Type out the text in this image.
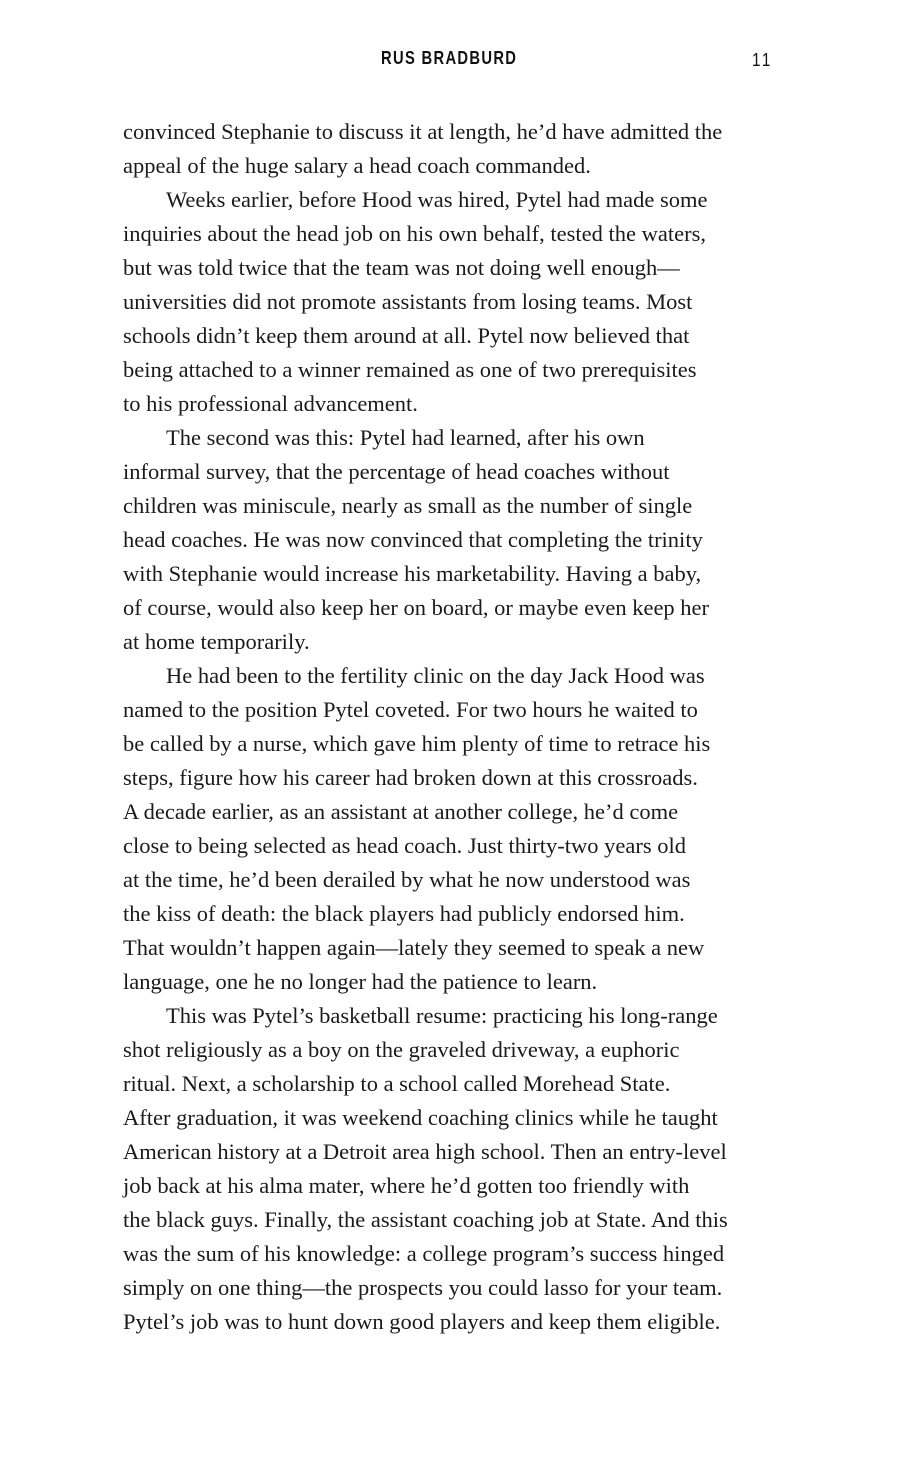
RUS BRADBURD	11
convinced Stephanie to discuss it at length, he’d have admitted the
appeal of the huge salary a head coach commanded.
Weeks earlier, before Hood was hired, Pytel had made some
inquiries about the head job on his own behalf, tested the waters,
but was told twice that the team was not doing well enough—
universities did not promote assistants from losing teams. Most
schools didn’t keep them around at all. Pytel now believed that
being attached to a winner remained as one of two prerequisites
to his professional advancement.
The second was this: Pytel had learned, after his own
informal survey, that the percentage of head coaches without
children was miniscule, nearly as small as the number of single
head coaches. He was now convinced that completing the trinity
with Stephanie would increase his marketability. Having a baby,
of course, would also keep her on board, or maybe even keep her
at home temporarily.
He had been to the fertility clinic on the day Jack Hood was
named to the position Pytel coveted. For two hours he waited to
be called by a nurse, which gave him plenty of time to retrace his
steps, figure how his career had broken down at this crossroads.
A decade earlier, as an assistant at another college, he’d come
close to being selected as head coach. Just thirty-two years old
at the time, he’d been derailed by what he now understood was
the kiss of death: the black players had publicly endorsed him.
That wouldn’t happen again—lately they seemed to speak a new
language, one he no longer had the patience to learn.
This was Pytel’s basketball resume: practicing his long-range
shot religiously as a boy on the graveled driveway, a euphoric
ritual. Next, a scholarship to a school called Morehead State.
After graduation, it was weekend coaching clinics while he taught
American history at a Detroit area high school. Then an entry-level
job back at his alma mater, where he’d gotten too friendly with
the black guys. Finally, the assistant coaching job at State. And this
was the sum of his knowledge: a college program’s success hinged
simply on one thing—the prospects you could lasso for your team.
Pytel’s job was to hunt down good players and keep them eligible.
